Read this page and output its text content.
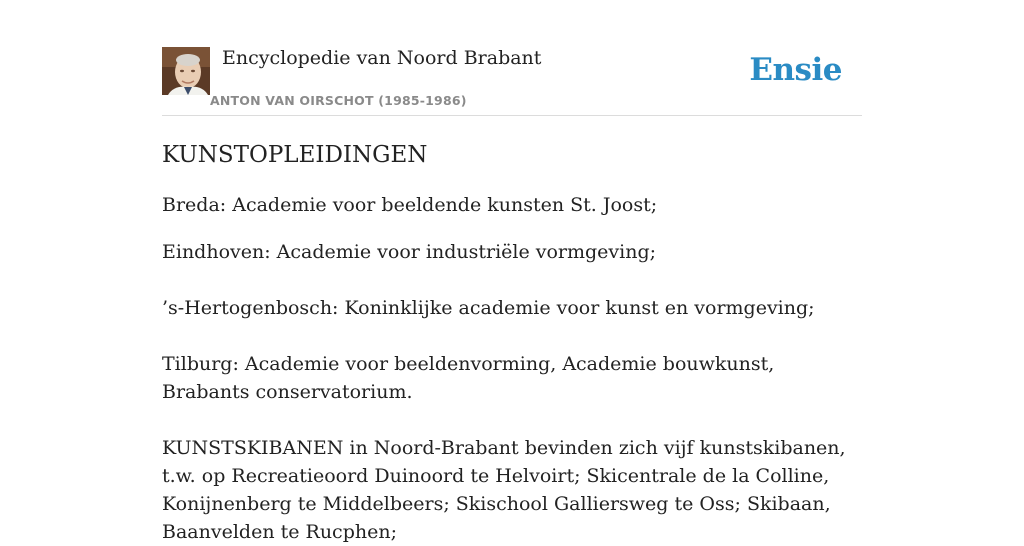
Encyclopedie van Noord Brabant
ANTON VAN OIRSCHOT (1985-1986)
Ensie
KUNSTOPLEIDINGEN

Breda: Academie voor beeldende kunsten St. Joost;

Eindhoven: Academie voor industriële vormgeving;

’s-Hertogenbosch: Koninklijke academie voor kunst en vormgeving;

Tilburg: Academie voor beeldenvorming, Academie bouwkunst, Brabants conservatorium.

KUNSTSKIBANEN in Noord-Brabant bevinden zich vijf kunstskibanen, t.w. op Recreatieoord Duinoord te Helvoirt; Skicentrale de la Colline, Konijnenberg te Middelbeers; Skischool Galliersweg te Oss; Skibaan, Baanvelden te Rucphen;
